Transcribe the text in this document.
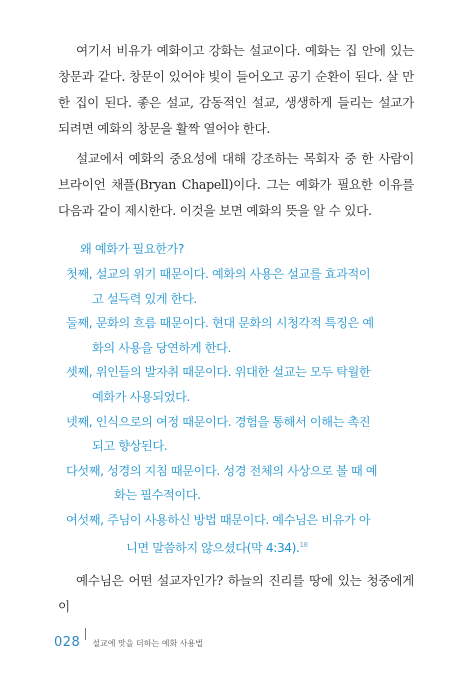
여기서 비유가 예화이고 강화는 설교이다. 예화는 집 안에 있는 창문과 같다. 창문이 있어야 빛이 들어오고 공기 순환이 된다. 살 만한 집이 된다. 좋은 설교, 감동적인 설교, 생생하게 들리는 설교가 되려면 예화의 창문을 활짝 열어야 한다.

설교에서 예화의 중요성에 대해 강조하는 목회자 중 한 사람이 브라이언 채플(Bryan Chapell)이다. 그는 예화가 필요한 이유를 다음과 같이 제시한다. 이것을 보면 예화의 뜻을 알 수 있다.

왜 예화가 필요한가?
첫째, 설교의 위기 때문이다. 예화의 사용은 설교를 효과적이
고 설득력 있게 한다.
둘째, 문화의 흐름 때문이다. 현대 문화의 시청각적 특징은 예
화의 사용을 당연하게 한다.
셋째, 위인들의 발자취 때문이다. 위대한 설교는 모두 탁월한
예화가 사용되었다.
넷째, 인식으로의 여정 때문이다. 경험을 통해서 이해는 촉진
되고 향상된다.
다섯째, 성경의 지침 때문이다. 성경 전체의 사상으로 볼 때 예
화는 필수적이다.
여섯째, 주님이 사용하신 방법 때문이다. 예수님은 비유가 아
니면 말씀하지 않으셨다(막 4:34).$^{18}$

예수님은 어떤 설교자인가? 하늘의 진리를 땅에 있는 청중에게 이

028 설교에 맛을 더하는 예화 사용법
